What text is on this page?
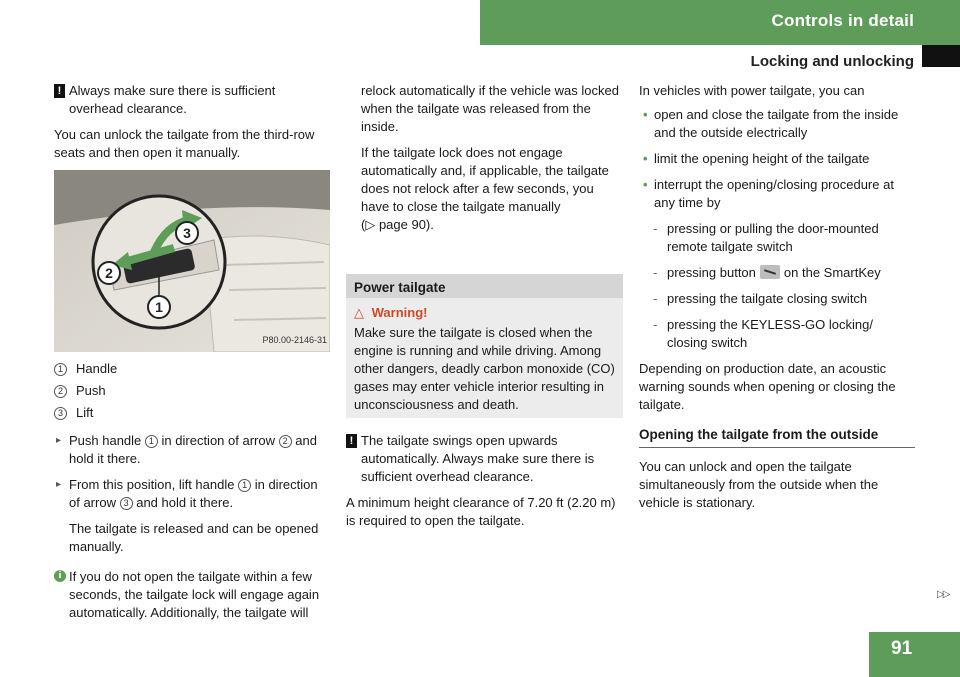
Controls in detail
Locking and unlocking

! Always make sure there is sufficient overhead clearance.

You can unlock the tailgate from the third-row seats and then open it manually.

3
2
1
P80.00-2146-31
1	Handle
2	Push
3	Lift

▸ Push handle 1 in direction of arrow 2 and hold it there.

▸ From this position, lift handle 1 in direction of arrow 3 and hold it there.

The tailgate is released and can be opened manually.

i If you do not open the tailgate within a few seconds, the tailgate lock will engage again automatically. Additionally, the tailgate will

relock automatically if the vehicle was locked when the tailgate was released from the inside.

If the tailgate lock does not engage automatically and, if applicable, the tailgate does not relock after a few seconds, you have to close the tailgate manually
(▷ page 90).

Power tailgate
△ Warning!
Make sure the tailgate is closed when the engine is running and while driving. Among other dangers, deadly carbon monoxide (CO) gases may enter vehicle interior resulting in unconsciousness and death.

! The tailgate swings open upwards automatically. Always make sure there is sufficient overhead clearance.

A minimum height clearance of 7.20 ft (2.20 m) is required to open the tailgate.

In vehicles with power tailgate, you can

• open and close the tailgate from the inside and the outside electrically

• limit the opening height of the tailgate

• interrupt the opening/closing procedure at any time by

- pressing or pulling the door-mounted remote tailgate switch

- pressing button on the SmartKey

- pressing the tailgate closing switch

- pressing the KEYLESS-GO locking/ closing switch

Depending on production date, an acoustic warning sounds when opening or closing the tailgate.

Opening the tailgate from the outside

You can unlock and open the tailgate simultaneously from the outside when the vehicle is stationary.

▷▷
91
